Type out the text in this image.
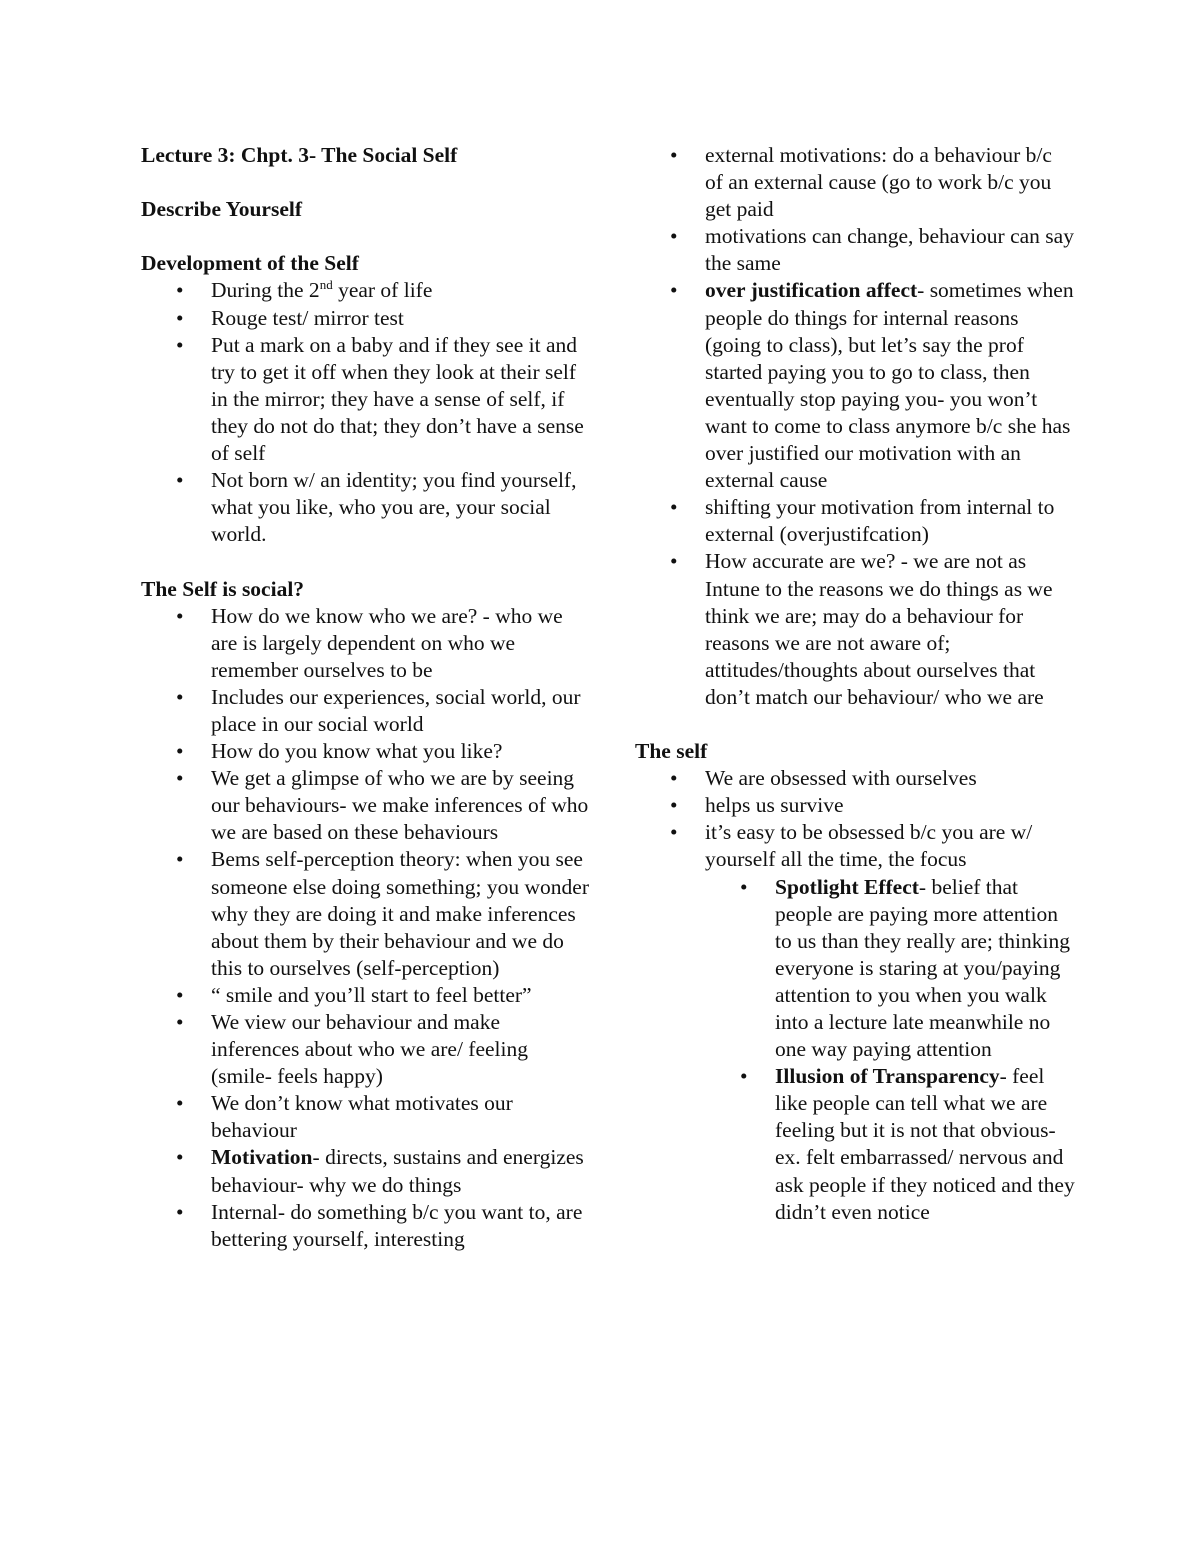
Lecture 3: Chpt. 3- The Social Self

Describe Yourself

Development of the Self

• During the 2nd year of life
• Rouge test/ mirror test
• Put a mark on a baby and if they see it and try to get it off when they look at their self in the mirror; they have a sense of self, if they do not do that; they don’t have a sense of self
• Not born w/ an identity; you find yourself, what you like, who you are, your social world.

The Self is social?

• How do we know who we are? - who we are is largely dependent on who we remember ourselves to be
• Includes our experiences, social world, our place in our social world
• How do you know what you like?
• We get a glimpse of who we are by seeing our behaviours- we make inferences of who we are based on these behaviours
• Bems self-perception theory: when you see someone else doing something; you wonder why they are doing it and make inferences about them by their behaviour and we do this to ourselves (self-perception)
• “ smile and you’ll start to feel better”
• We view our behaviour and make inferences about who we are/ feeling (smile- feels happy)
• We don’t know what motivates our behaviour
• Motivation- directs, sustains and energizes behaviour- why we do things
• Internal- do something b/c you want to, are bettering yourself, interesting
• external motivations: do a behaviour b/c of an external cause (go to work b/c you get paid
• motivations can change, behaviour can say the same
• over justification affect- sometimes when people do things for internal reasons (going to class), but let’s say the prof started paying you to go to class, then eventually stop paying you- you won’t want to come to class anymore b/c she has over justified our motivation with an external cause
• shifting your motivation from internal to external (overjustifcation)
• How accurate are we? - we are not as Intune to the reasons we do things as we think we are; may do a behaviour for reasons we are not aware of; attitudes/thoughts about ourselves that don’t match our behaviour/ who we are

The self

• We are obsessed with ourselves
• helps us survive
• it’s easy to be obsessed b/c you are w/ yourself all the time, the focus
• Spotlight Effect- belief that people are paying more attention to us than they really are; thinking everyone is staring at you/paying attention to you when you walk into a lecture late meanwhile no one way paying attention
• Illusion of Transparency- feel like people can tell what we are feeling but it is not that obvious- ex. felt embarrassed/ nervous and ask people if they noticed and they didn’t even notice
